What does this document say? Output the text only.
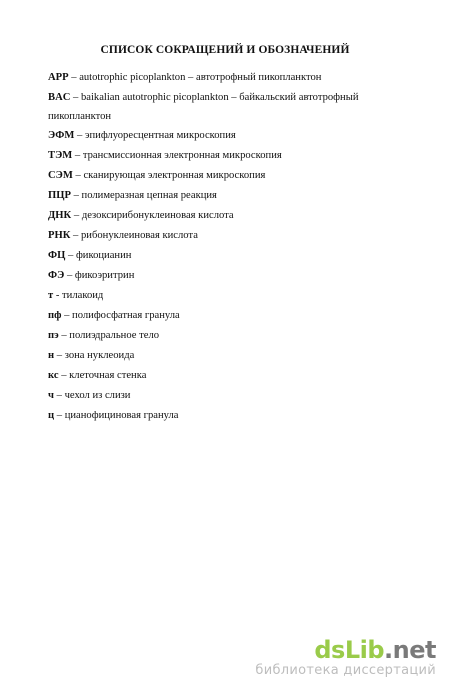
СПИСОК СОКРАЩЕНИЙ И ОБОЗНАЧЕНИЙ
APP – autotrophic picoplankton – автотрофный пикопланктон
BAC – baikalian autotrophic picoplankton – байкальский автотрофный
пикопланктон
ЭФМ – эпифлуоресцентная микроскопия
ТЭМ – трансмиссионная электронная микроскопия
СЭМ – сканирующая электронная микроскопия
ПЦР – полимеразная цепная реакция
ДНК – дезоксирибонуклеиновая кислота
РНК – рибонуклеиновая кислота
ФЦ – фикоцианин
ФЭ – фикоэритрин
т - тилакоид
пф – полифосфатная гранула
пэ – полиэдральное тело
н – зона нуклеоида
кс – клеточная стенка
ч – чехол из слизи
ц – цианофициновая гранула
dsLib.net
библиотека диссертаций
